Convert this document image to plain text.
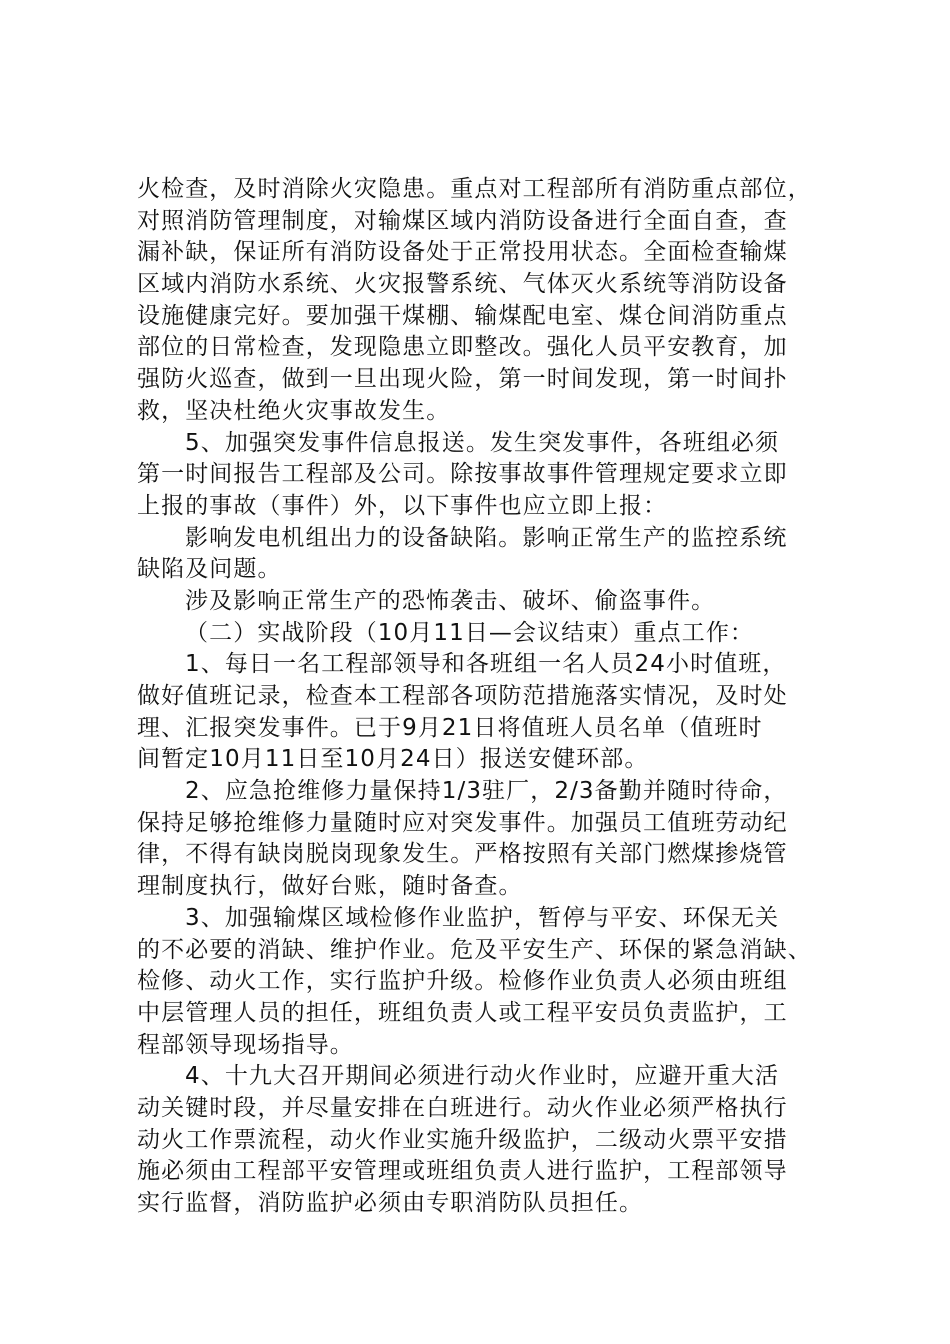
火检查，及时消除火灾隐患。重点对工程部所有消防重点部位，
对照消防管理制度，对输煤区域内消防设备进行全面自查，查
漏补缺，保证所有消防设备处于正常投用状态。全面检查输煤
区域内消防水系统、火灾报警系统、气体灭火系统等消防设备
设施健康完好。要加强干煤棚、输煤配电室、煤仓间消防重点
部位的日常检查，发现隐患立即整改。强化人员平安教育，加
强防火巡查，做到一旦出现火险，第一时间发现，第一时间扑
救，坚决杜绝火灾事故发生。
5、加强突发事件信息报送。发生突发事件，各班组必须
第一时间报告工程部及公司。除按事故事件管理规定要求立即
上报的事故（事件）外，以下事件也应立即上报：
影响发电机组出力的设备缺陷。影响正常生产的监控系统
缺陷及问题。
涉及影响正常生产的恐怖袭击、破坏、偷盗事件。
（二）实战阶段（10月11日—会议结束）重点工作：
1、每日一名工程部领导和各班组一名人员24小时值班，
做好值班记录，检查本工程部各项防范措施落实情况，及时处
理、汇报突发事件。已于9月21日将值班人员名单（值班时
间暂定10月11日至10月24日）报送安健环部。
2、应急抢维修力量保持1/3驻厂，2/3备勤并随时待命，
保持足够抢维修力量随时应对突发事件。加强员工值班劳动纪
律，不得有缺岗脱岗现象发生。严格按照有关部门燃煤掺烧管
理制度执行，做好台账，随时备查。
3、加强输煤区域检修作业监护，暂停与平安、环保无关
的不必要的消缺、维护作业。危及平安生产、环保的紧急消缺、
检修、动火工作，实行监护升级。检修作业负责人必须由班组
中层管理人员的担任，班组负责人或工程平安员负责监护，工
程部领导现场指导。
4、十九大召开期间必须进行动火作业时，应避开重大活
动关键时段，并尽量安排在白班进行。动火作业必须严格执行
动火工作票流程，动火作业实施升级监护，二级动火票平安措
施必须由工程部平安管理或班组负责人进行监护，工程部领导
实行监督，消防监护必须由专职消防队员担任。
